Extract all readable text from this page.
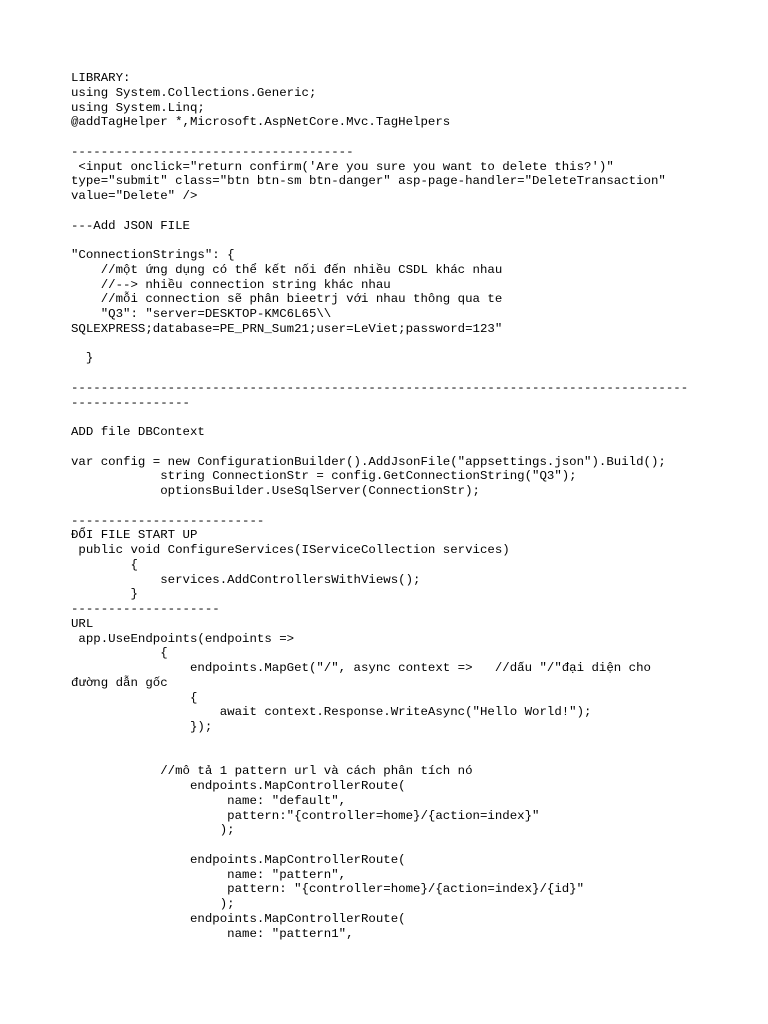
LIBRARY:
using System.Collections.Generic;
using System.Linq;
@addTagHelper *,Microsoft.AspNetCore.Mvc.TagHelpers
--------------------------------------
<input onclick="return confirm('Are you sure you want to delete this?')"
type="submit" class="btn btn-sm btn-danger" asp-page-handler="DeleteTransaction"
value="Delete" />
---Add JSON FILE
"ConnectionStrings": {
//một ứng dụng có thể kết nối đến nhiều CSDL khác nhau
//--> nhiều connection string khác nhau
//mỗi connection sẽ phân bieetrj với nhau thông qua te
"Q3": "server=DESKTOP-KMC6L65\\
SQLEXPRESS;database=PE_PRN_Sum21;user=LeViet;password=123"
}
-----------------------------------------------------------------------------------
----------------
ADD file DBContext
var config = new ConfigurationBuilder().AddJsonFile("appsettings.json").Build();
string ConnectionStr = config.GetConnectionString("Q3");
optionsBuilder.UseSqlServer(ConnectionStr);
--------------------------
ĐỔI FILE START UP
public void ConfigureServices(IServiceCollection services)
{
services.AddControllersWithViews();
}
--------------------
URL
app.UseEndpoints(endpoints =>
{
endpoints.MapGet("/", async context =>   //dấu "/"đại diện cho
đường dẫn gốc
{
await context.Response.WriteAsync("Hello World!");
});
//mô tả 1 pattern url và cách phân tích nó
endpoints.MapControllerRoute(
name: "default",
pattern:"{controller=home}/{action=index}"
);
endpoints.MapControllerRoute(
name: "pattern",
pattern: "{controller=home}/{action=index}/{id}"
);
endpoints.MapControllerRoute(
name: "pattern1",
